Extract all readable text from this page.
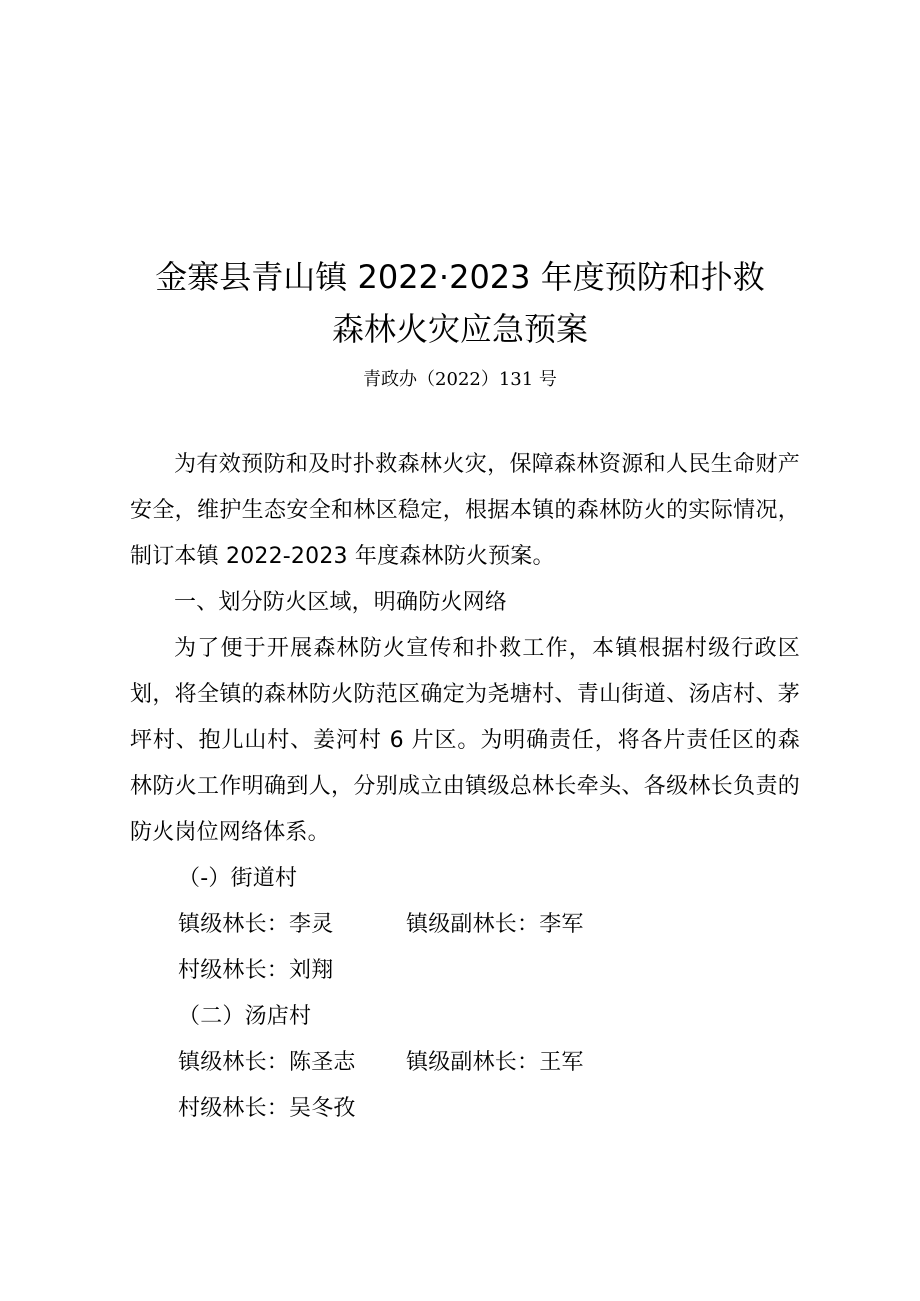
金寨县青山镇 2022·2023 年度预防和扑救
森林火灾应急预案
青政办（2022）131 号

为有效预防和及时扑救森林火灾，保障森林资源和人民生命财产安全，维护生态安全和林区稳定，根据本镇的森林防火的实际情况，制订本镇 2022-2023 年度森林防火预案。

一、划分防火区域，明确防火网络

为了便于开展森林防火宣传和扑救工作，本镇根据村级行政区划，将全镇的森林防火防范区确定为尧塘村、青山街道、汤店村、茅坪村、抱儿山村、姜河村 6 片区。为明确责任，将各片责任区的森林防火工作明确到人，分别成立由镇级总林长牵头、各级林长负责的防火岗位网络体系。

（-）街道村

镇级林长：李灵	镇级副林长：李军

村级林长：刘翔

（二）汤店村

镇级林长：陈圣志 镇级副林长：王军

村级林长：吴冬孜
